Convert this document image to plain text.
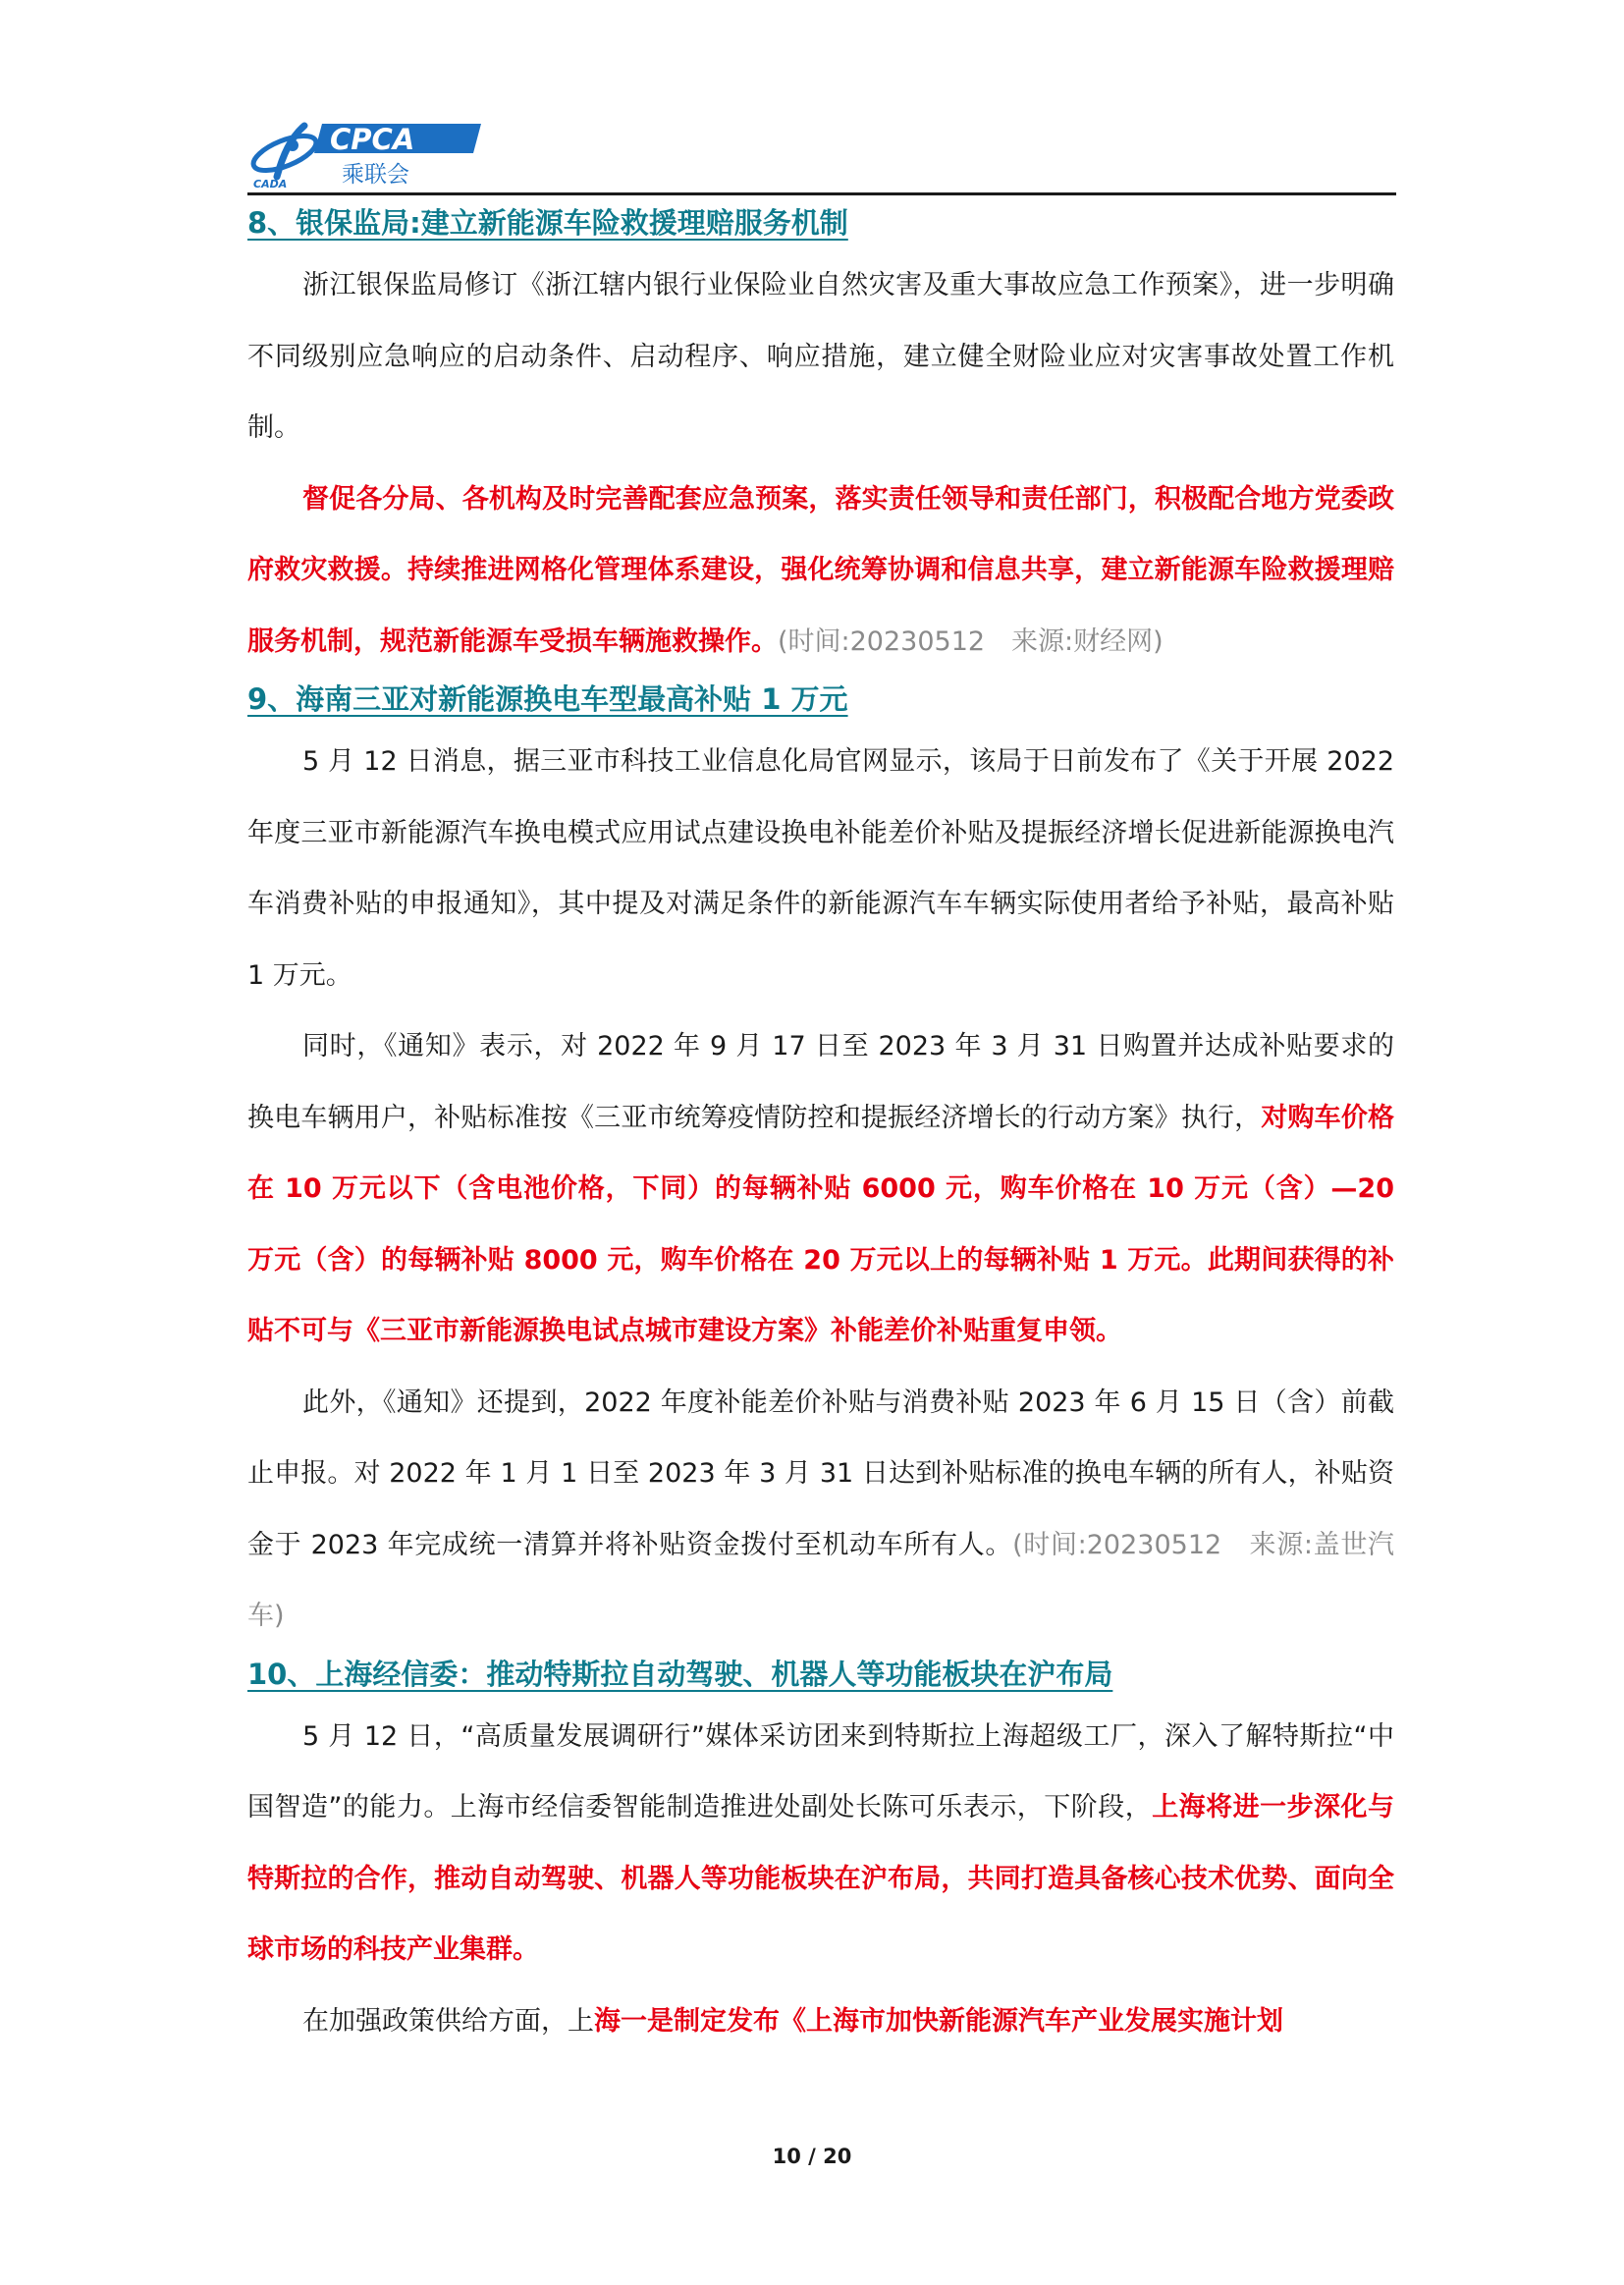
CADA
CPCA
乘联会
8、银保监局:建立新能源车险救援理赔服务机制

浙江银保监局修订《浙江辖内银行业保险业自然灾害及重大事故应急工作预案》，进一步明确不同级别应急响应的启动条件、启动程序、响应措施，建立健全财险业应对灾害事故处置工作机制。

督促各分局、各机构及时完善配套应急预案，落实责任领导和责任部门，积极配合地方党委政府救灾救援。持续推进网格化管理体系建设，强化统筹协调和信息共享，建立新能源车险救援理赔服务机制，规范新能源车受损车辆施救操作。(时间:20230512　来源:财经网)

9、海南三亚对新能源换电车型最高补贴 1 万元

5 月 12 日消息，据三亚市科技工业信息化局官网显示，该局于日前发布了《关于开展 2022 年度三亚市新能源汽车换电模式应用试点建设换电补能差价补贴及提振经济增长促进新能源换电汽车消费补贴的申报通知》，其中提及对满足条件的新能源汽车车辆实际使用者给予补贴，最高补贴 1 万元。

同时，《通知》表示，对 2022 年 9 月 17 日至 2023 年 3 月 31 日购置并达成补贴要求的换电车辆用户，补贴标准按《三亚市统筹疫情防控和提振经济增长的行动方案》执行，对购车价格在 10 万元以下（含电池价格，下同）的每辆补贴 6000 元，购车价格在 10 万元（含）—20 万元（含）的每辆补贴 8000 元，购车价格在 20 万元以上的每辆补贴 1 万元。此期间获得的补贴不可与《三亚市新能源换电试点城市建设方案》补能差价补贴重复申领。

此外，《通知》还提到，2022 年度补能差价补贴与消费补贴 2023 年 6 月 15 日（含）前截止申报。对 2022 年 1 月 1 日至 2023 年 3 月 31 日达到补贴标准的换电车辆的所有人，补贴资金于 2023 年完成统一清算并将补贴资金拨付至机动车所有人。(时间:20230512　来源:盖世汽车)

10、上海经信委：推动特斯拉自动驾驶、机器人等功能板块在沪布局

5 月 12 日，“高质量发展调研行”媒体采访团来到特斯拉上海超级工厂，深入了解特斯拉“中国智造”的能力。上海市经信委智能制造推进处副处长陈可乐表示，下阶段，上海将进一步深化与特斯拉的合作，推动自动驾驶、机器人等功能板块在沪布局，共同打造具备核心技术优势、面向全球市场的科技产业集群。

在加强政策供给方面，上海一是制定发布《上海市加快新能源汽车产业发展实施计划

10 / 20
